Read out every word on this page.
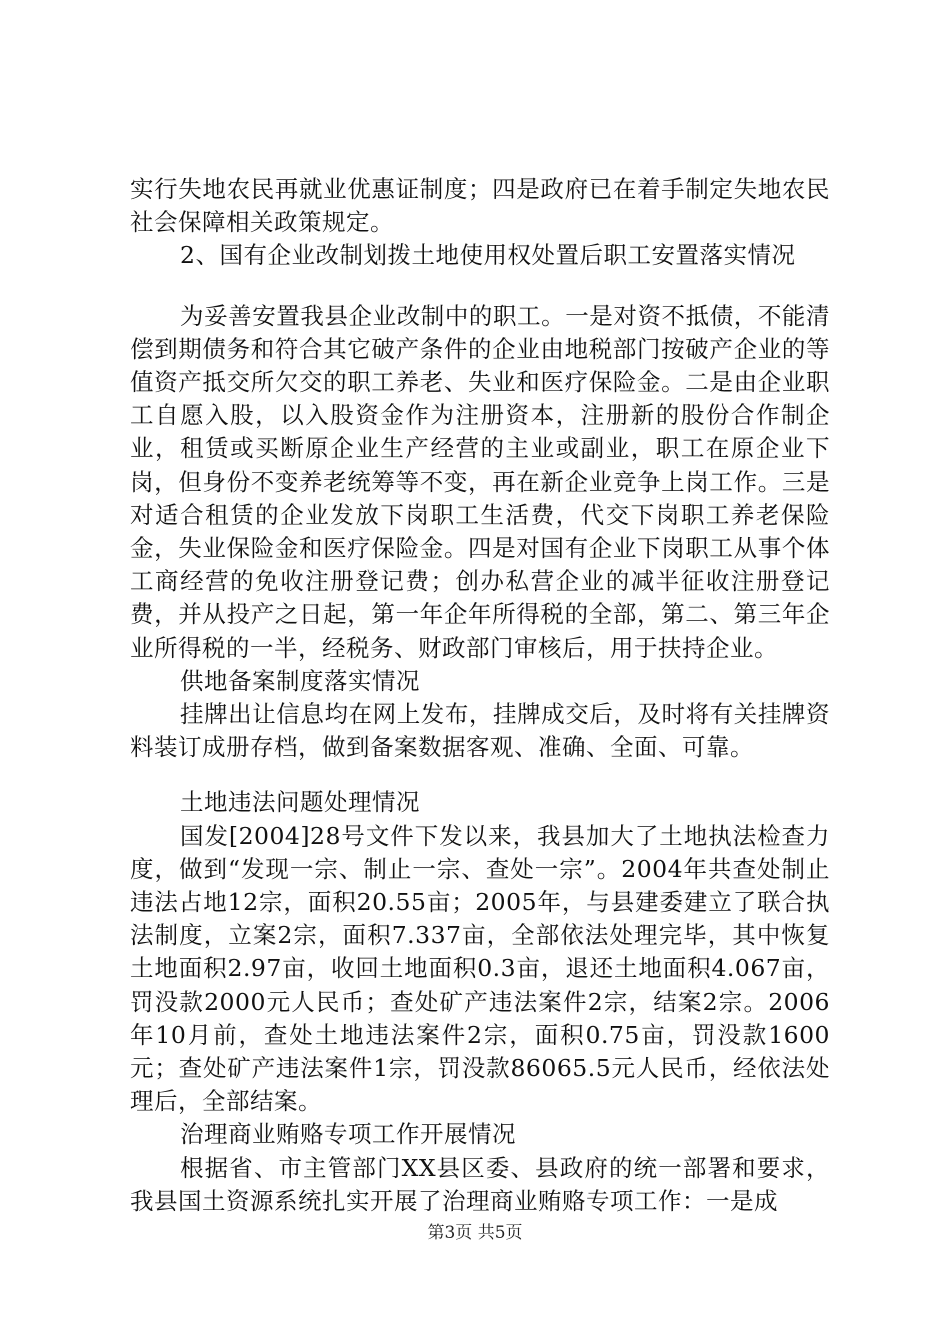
实行失地农民再就业优惠证制度；四是政府已在着手制定失地农民社会保障相关政策规定。

2、国有企业改制划拨土地使用权处置后职工安置落实情况

为妥善安置我县企业改制中的职工。一是对资不抵债，不能清偿到期债务和符合其它破产条件的企业由地税部门按破产企业的等值资产抵交所欠交的职工养老、失业和医疗保险金。二是由企业职工自愿入股，以入股资金作为注册资本，注册新的股份合作制企业，租赁或买断原企业生产经营的主业或副业，职工在原企业下岗，但身份不变养老统筹等不变，再在新企业竞争上岗工作。三是对适合租赁的企业发放下岗职工生活费，代交下岗职工养老保险金，失业保险金和医疗保险金。四是对国有企业下岗职工从事个体工商经营的免收注册登记费；创办私营企业的减半征收注册登记费，并从投产之日起，第一年企年所得税的全部，第二、第三年企业所得税的一半，经税务、财政部门审核后，用于扶持企业。

供地备案制度落实情况

挂牌出让信息均在网上发布，挂牌成交后，及时将有关挂牌资料装订成册存档，做到备案数据客观、准确、全面、可靠。

土地违法问题处理情况

国发[2004]28号文件下发以来，我县加大了土地执法检查力度，做到“发现一宗、制止一宗、查处一宗”。2004年共查处制止违法占地12宗，面积20.55亩；2005年，与县建委建立了联合执法制度，立案2宗，面积7.337亩，全部依法处理完毕，其中恢复土地面积2.97亩，收回土地面积0.3亩，退还土地面积4.067亩，罚没款2000元人民币；查处矿产违法案件2宗，结案2宗。2006年10月前，查处土地违法案件2宗，面积0.75亩，罚没款1600元；查处矿产违法案件1宗，罚没款86065.5元人民币，经依法处理后，全部结案。

治理商业贿赂专项工作开展情况

根据省、市主管部门XX县区委、县政府的统一部署和要求，我县国土资源系统扎实开展了治理商业贿赂专项工作：一是成

第3页 共5页
